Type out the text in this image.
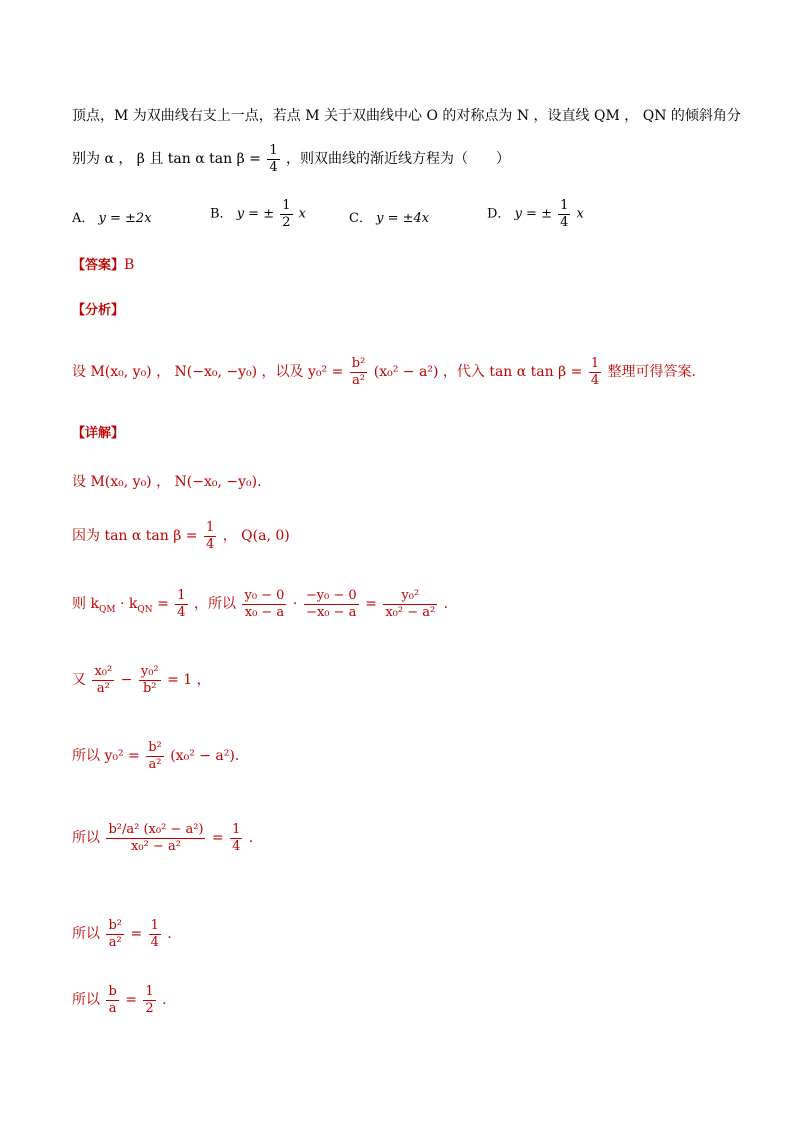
顶点，M 为双曲线右支上一点，若点 M 关于双曲线中心 O 的对称点为 N ，设直线 QM ， QN 的倾斜角分
别为 α ， β 且 tan α $\tan \beta = \frac{1}{4}$ ，则双曲线的渐近线方程为（　　）
A． y = ±2x	B． y = ± $\frac{1}{2}$ x	C． y = ±4x	D． y = ± $\frac{1}{4}$ x
【答案】B
【分析】
设 M(x₀, y₀) ， N(−x₀, −y₀) ，以及 $y_0^2 = \frac{\text{b²}}{\text{a²}} (x_0^2 - a^2)$ ，代入 tan α $\tan \beta = \frac{1}{4}$ 整理可得答案．
【详解】
设 M(x₀, y₀) ， N(−x₀, −y₀)．
因为 tan α $\tan \beta = \frac{1}{4}$ ， Q(a, 0)
则 $k_{QM} \cdot k_{QN} = \frac{1}{4}$ ，所以 $\frac{\text{y₀ − 0}}{\text{x₀ − a}} \cdot \frac{\text{−y₀ − 0}}{\text{−x₀ − a}} = \frac{\text{y₀²}}{\text{x₀² − a²}}$ ．
又 $\frac{\text{x₀²}}{\text{a²}} - \frac{\text{y₀²}}{\text{b²}} = 1$ ，
所以 $y_0^2 = \frac{\text{b²}}{\text{a²}} (x_0^2 - a^2)$．
所以 $\frac{\text{b²/a² (x₀² − a²)}}{\text{x₀² − a²}} = \frac{1}{4}$ ．
所以 $\frac{\text{b²}}{\text{a²}} = \frac{1}{4}$ ．
所以 $\frac{b}{a} = \frac{1}{2}$ ．
